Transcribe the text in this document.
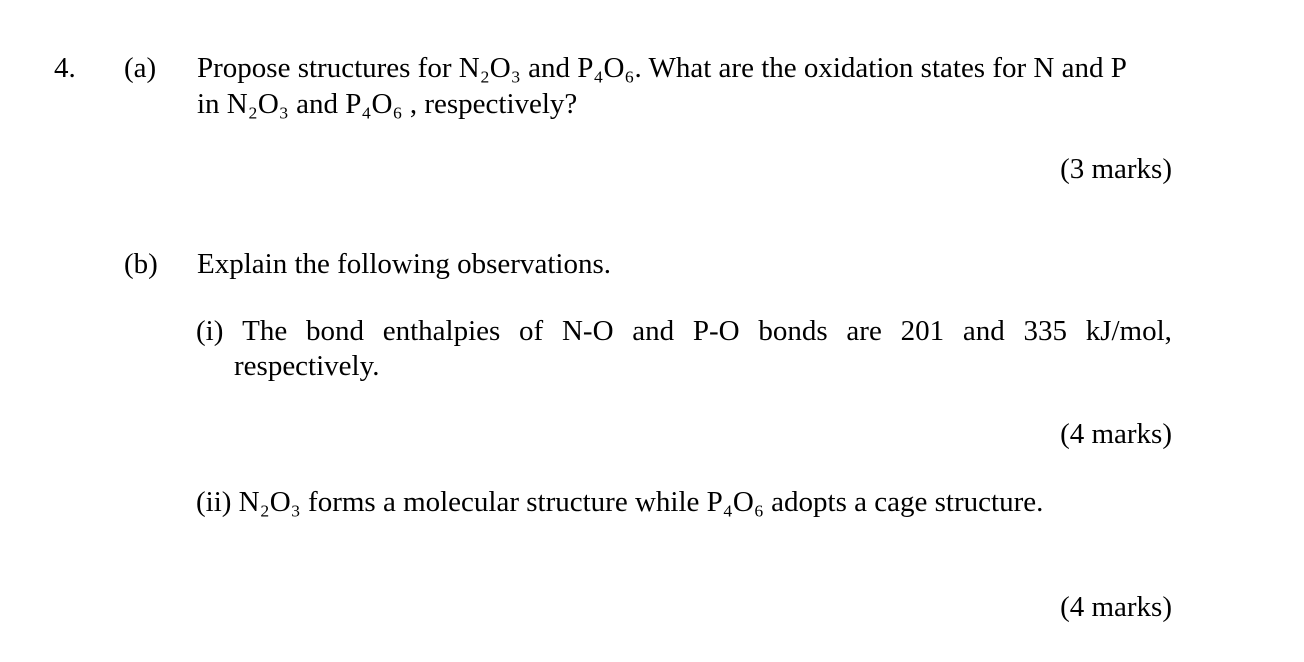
4. (a) Propose structures for N₂O₃ and P₄O₆. What are the oxidation states for N and P
in N₂O₃ and P₄O₆ , respectively?
(3 marks)
(b) Explain the following observations.
(i) The bond enthalpies of N-O and P-O bonds are 201 and 335 kJ/mol,
respectively.
(4 marks)
(ii) N₂O₃ forms a molecular structure while P₄O₆ adopts a cage structure.
(4 marks)
